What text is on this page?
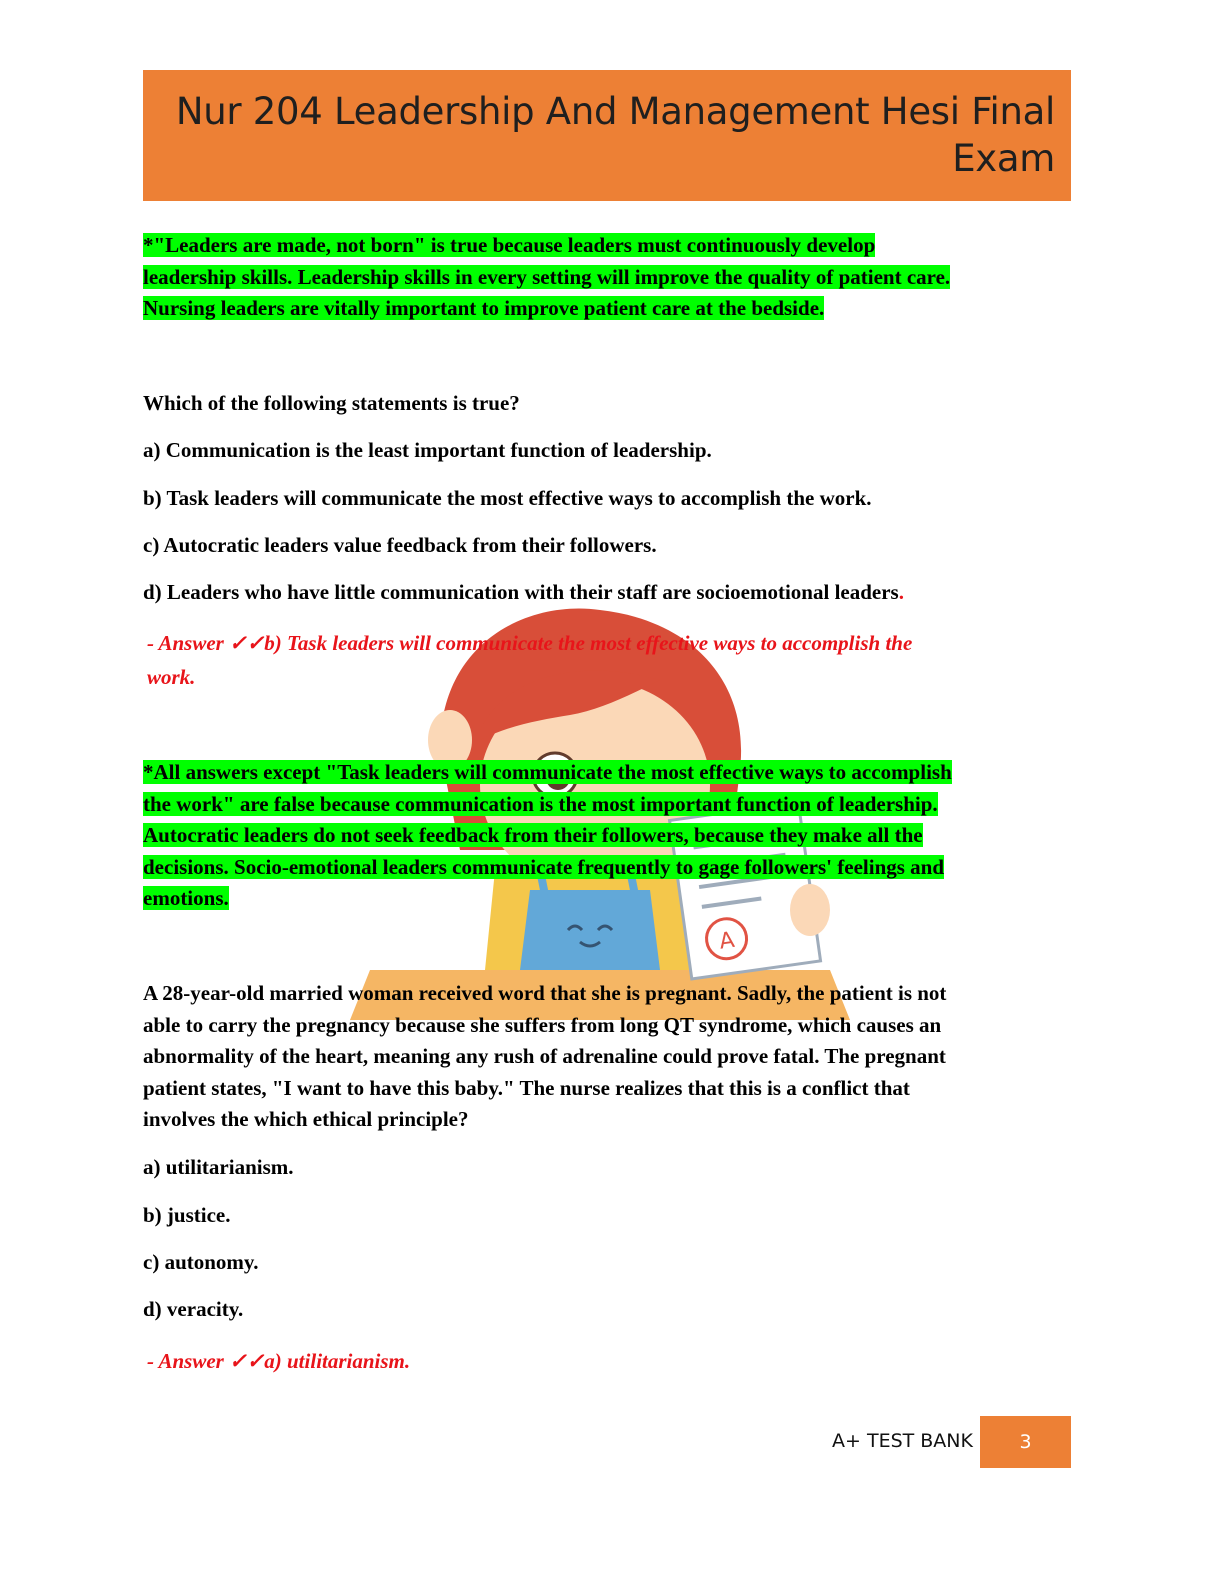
Nur 204 Leadership And Management Hesi Final
Exam
A
*"Leaders are made, not born" is true because leaders must continuously develop
leadership skills. Leadership skills in every setting will improve the quality of patient care.
Nursing leaders are vitally important to improve patient care at the bedside.
Which of the following statements is true?
a) Communication is the least important function of leadership.
b) Task leaders will communicate the most effective ways to accomplish the work.
c) Autocratic leaders value feedback from their followers.
d) Leaders who have little communication with their staff are socioemotional leaders.
- Answer ✓✓b) Task leaders will communicate the most effective ways to accomplish the
work.
*All answers except "Task leaders will communicate the most effective ways to accomplish
the work" are false because communication is the most important function of leadership.
Autocratic leaders do not seek feedback from their followers, because they make all the
decisions. Socio-emotional leaders communicate frequently to gage followers' feelings and
emotions.
A 28-year-old married woman received word that she is pregnant. Sadly, the patient is not
able to carry the pregnancy because she suffers from long QT syndrome, which causes an
abnormality of the heart, meaning any rush of adrenaline could prove fatal. The pregnant
patient states, "I want to have this baby." The nurse realizes that this is a conflict that
involves the which ethical principle?
a) utilitarianism.
b) justice.
c) autonomy.
d) veracity.
- Answer ✓✓a) utilitarianism.
A+ TEST BANK	3
